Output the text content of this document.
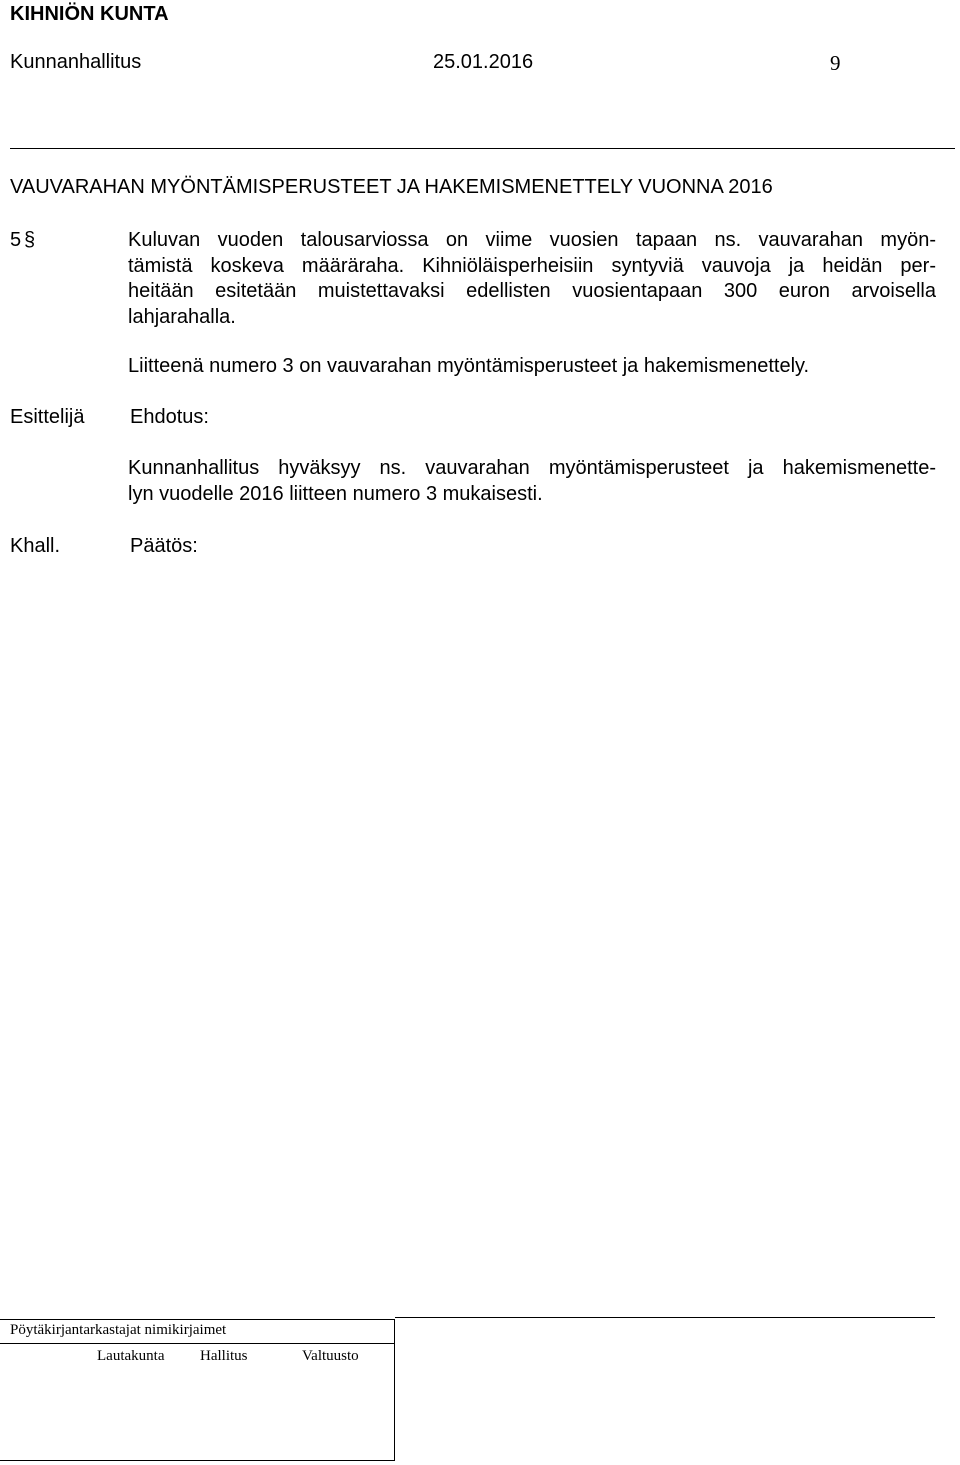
KIHNIÖN KUNTA
Kunnanhallitus	25.01.2016	9
VAUVARAHAN MYÖNTÄMISPERUSTEET JA HAKEMISMENETTELY VUONNA 2016
5 §	Kuluvan vuoden talousarviossa on viime vuosien tapaan ns. vauvarahan myön-
tämistä koskeva määräraha. Kihniöläisperheisiin syntyviä vauvoja ja heidän per-
heitään esitetään muistettavaksi edellisten vuosientapaan 300 euron arvoisella
lahjarahalla.
Liitteenä numero 3 on vauvarahan myöntämisperusteet ja hakemismenettely.
Esittelijä Ehdotus:
Kunnanhallitus hyväksyy ns. vauvarahan myöntämisperusteet ja hakemismenette-
lyn vuodelle 2016 liitteen numero 3 mukaisesti.
Khall.	Päätös:
Pöytäkirjantarkastajat nimikirjaimet
Lautakunta Hallitus	Valtuusto
